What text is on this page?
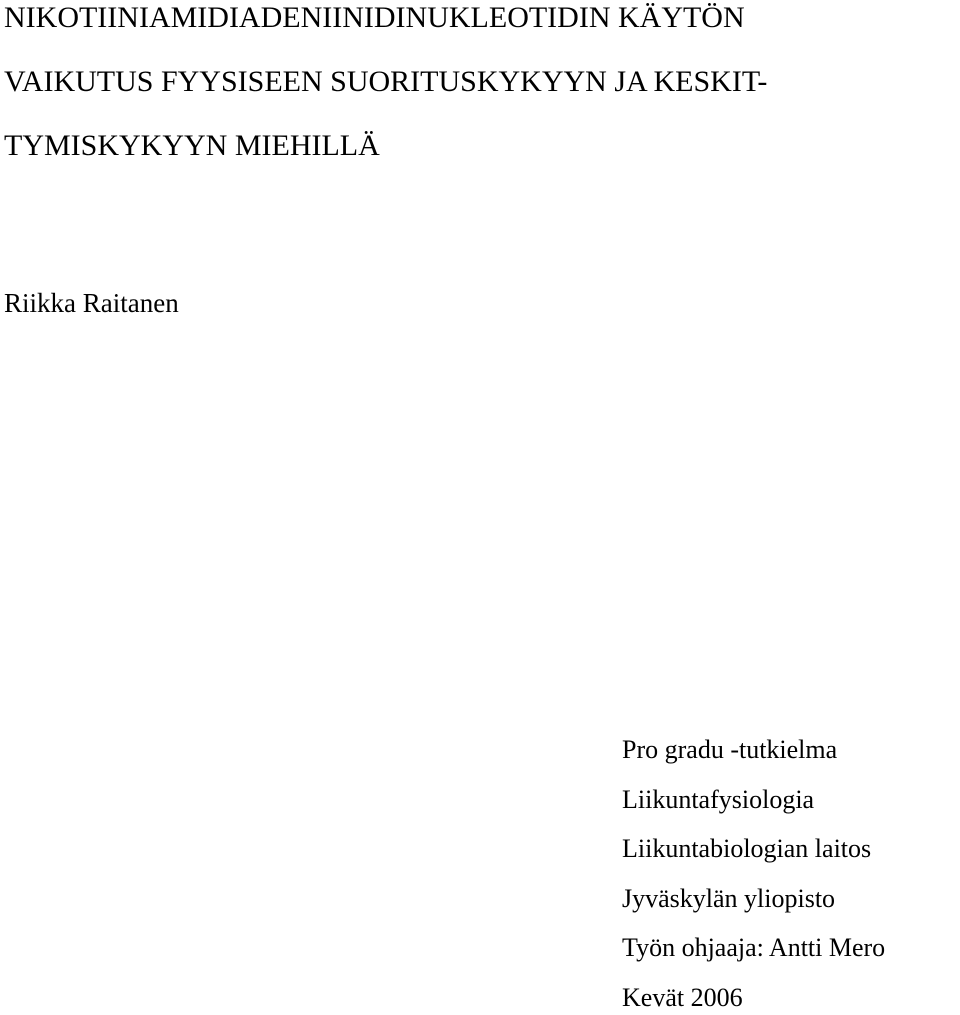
NIKOTIINIAMIDIADENIINIDINUKLEOTIDIN KÄYTÖN
VAIKUTUS FYYSISEEN SUORITUSKYKYYN JA KESKIT-
TYMISKYKYYN MIEHILLÄ
Riikka Raitanen
Pro gradu -tutkielma
Liikuntafysiologia
Liikuntabiologian laitos
Jyväskylän yliopisto
Työn ohjaaja: Antti Mero
Kevät 2006
